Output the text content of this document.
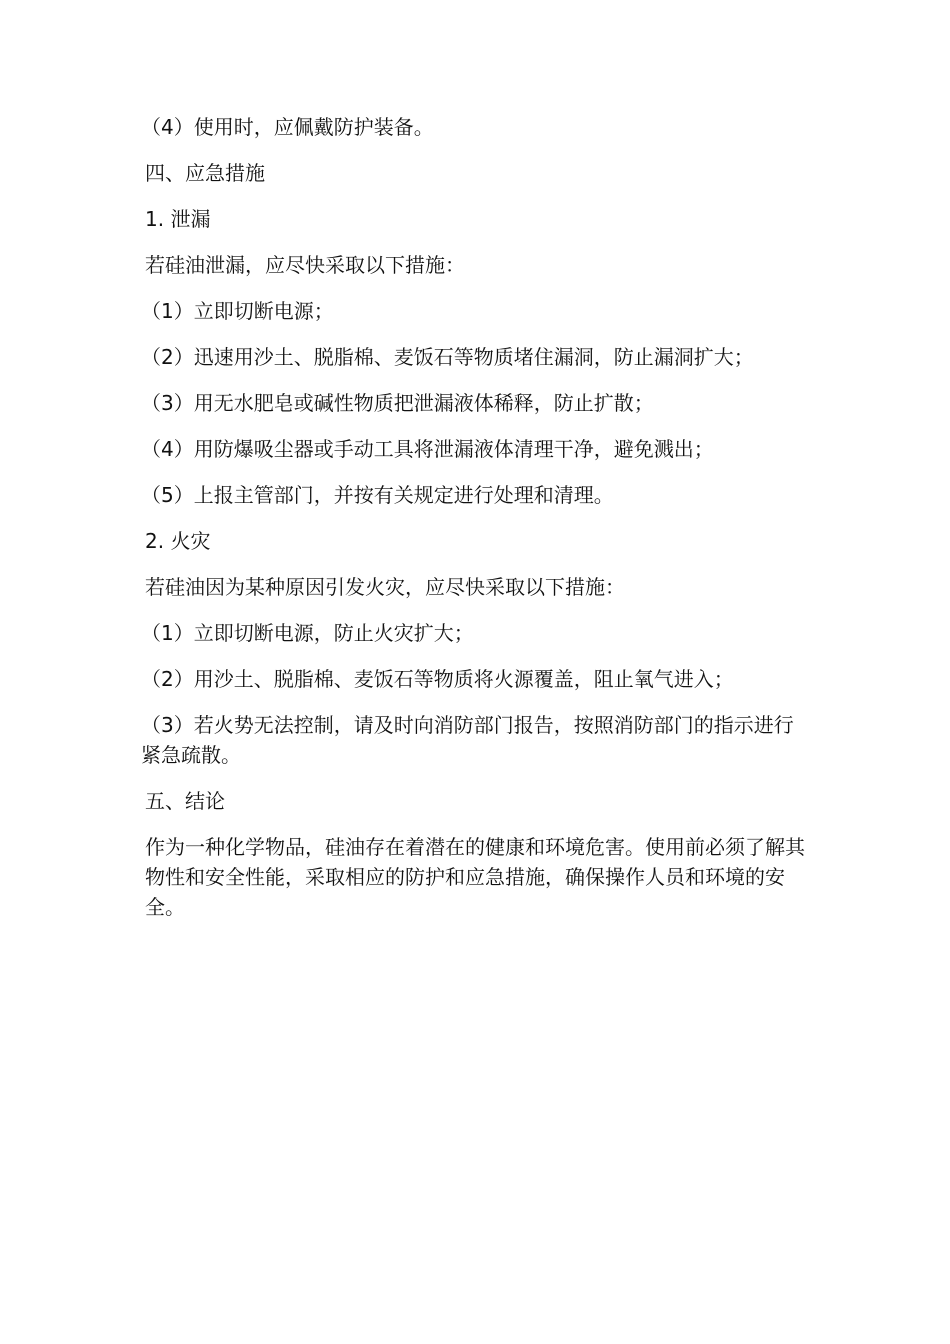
（4）使用时，应佩戴防护装备。

四、应急措施

1. 泄漏

若硅油泄漏，应尽快采取以下措施：

（1）立即切断电源；

（2）迅速用沙土、脱脂棉、麦饭石等物质堵住漏洞，防止漏洞扩大；

（3）用无水肥皂或碱性物质把泄漏液体稀释，防止扩散；

（4）用防爆吸尘器或手动工具将泄漏液体清理干净，避免溅出；

（5）上报主管部门，并按有关规定进行处理和清理。

2. 火灾

若硅油因为某种原因引发火灾，应尽快采取以下措施：

（1）立即切断电源，防止火灾扩大；

（2）用沙土、脱脂棉、麦饭石等物质将火源覆盖，阻止氧气进入；

（3）若火势无法控制，请及时向消防部门报告，按照消防部门的指示进行紧急疏散。

五、结论

作为一种化学物品，硅油存在着潜在的健康和环境危害。使用前必须了解其物性和安全性能，采取相应的防护和应急措施，确保操作人员和环境的安全。
